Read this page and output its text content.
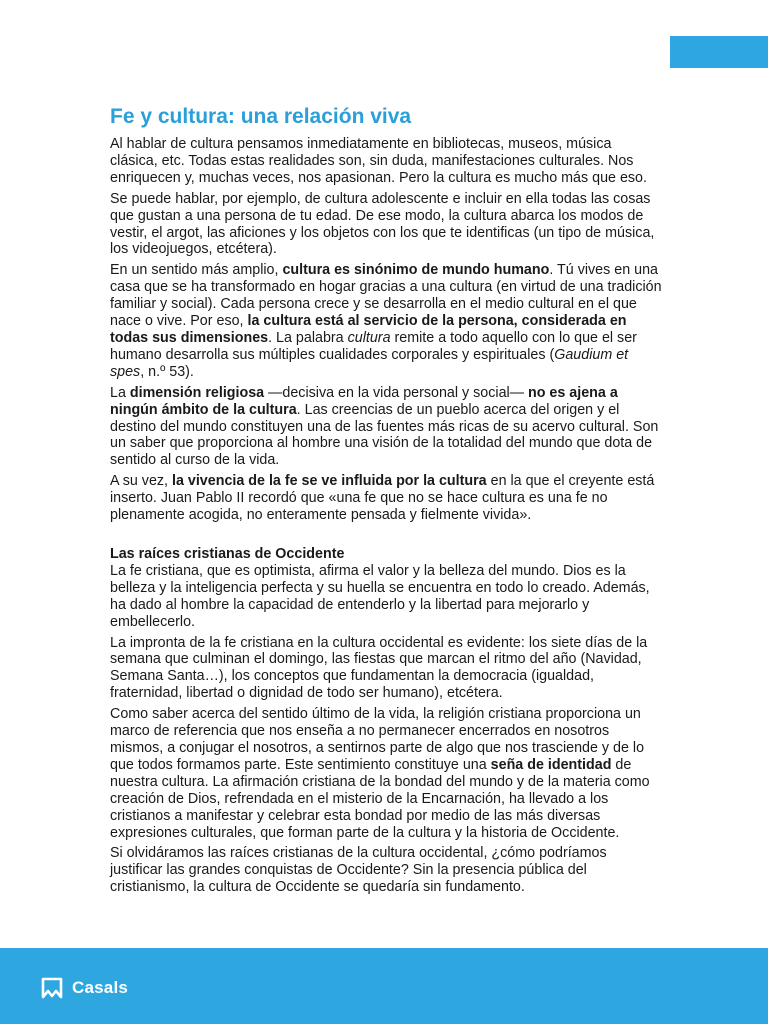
Fe y cultura: una relación viva

Al hablar de cultura pensamos inmediatamente en bibliotecas, museos, música clásica, etc. Todas estas realidades son, sin duda, manifestaciones culturales. Nos enriquecen y, muchas veces, nos apasionan. Pero la cultura es mucho más que eso.

Se puede hablar, por ejemplo, de cultura adolescente e incluir en ella todas las cosas que gustan a una persona de tu edad. De ese modo, la cultura abarca los modos de vestir, el argot, las aficiones y los objetos con los que te identificas (un tipo de música, los videojuegos, etcétera).

En un sentido más amplio, cultura es sinónimo de mundo humano. Tú vives en una casa que se ha transformado en hogar gracias a una cultura (en virtud de una tradición familiar y social). Cada persona crece y se desarrolla en el medio cultural en el que nace o vive. Por eso, la cultura está al servicio de la persona, considerada en todas sus dimensiones. La palabra cultura remite a todo aquello con lo que el ser humano desarrolla sus múltiples cualidades corporales y espirituales (Gaudium et spes, n.º 53).

La dimensión religiosa —decisiva en la vida personal y social— no es ajena a ningún ámbito de la cultura. Las creencias de un pueblo acerca del origen y el destino del mundo constituyen una de las fuentes más ricas de su acervo cultural. Son un saber que proporciona al hombre una visión de la totalidad del mundo que dota de sentido al curso de la vida.

A su vez, la vivencia de la fe se ve influida por la cultura en la que el creyente está inserto. Juan Pablo II recordó que «una fe que no se hace cultura es una fe no plenamente acogida, no enteramente pensada y fielmente vivida».

Las raíces cristianas de Occidente

La fe cristiana, que es optimista, afirma el valor y la belleza del mundo. Dios es la belleza y la inteligencia perfecta y su huella se encuentra en todo lo creado. Además, ha dado al hombre la capacidad de entenderlo y la libertad para mejorarlo y embellecerlo.

La impronta de la fe cristiana en la cultura occidental es evidente: los siete días de la semana que culminan el domingo, las fiestas que marcan el ritmo del año (Navidad, Semana Santa…), los conceptos que fundamentan la democracia (igualdad, fraternidad, libertad o dignidad de todo ser humano), etcétera.

Como saber acerca del sentido último de la vida, la religión cristiana proporciona un marco de referencia que nos enseña a no permanecer encerrados en nosotros mismos, a conjugar el nosotros, a sentirnos parte de algo que nos trasciende y de lo que todos formamos parte. Este sentimiento constituye una seña de identidad de nuestra cultura. La afirmación cristiana de la bondad del mundo y de la materia como creación de Dios, refrendada en el misterio de la Encarnación, ha llevado a los cristianos a manifestar y celebrar esta bondad por medio de las más diversas expresiones culturales, que forman parte de la cultura y la historia de Occidente.

Si olvidáramos las raíces cristianas de la cultura occidental, ¿cómo podríamos justificar las grandes conquistas de Occidente? Sin la presencia pública del cristianismo, la cultura de Occidente se quedaría sin fundamento.

Casals
